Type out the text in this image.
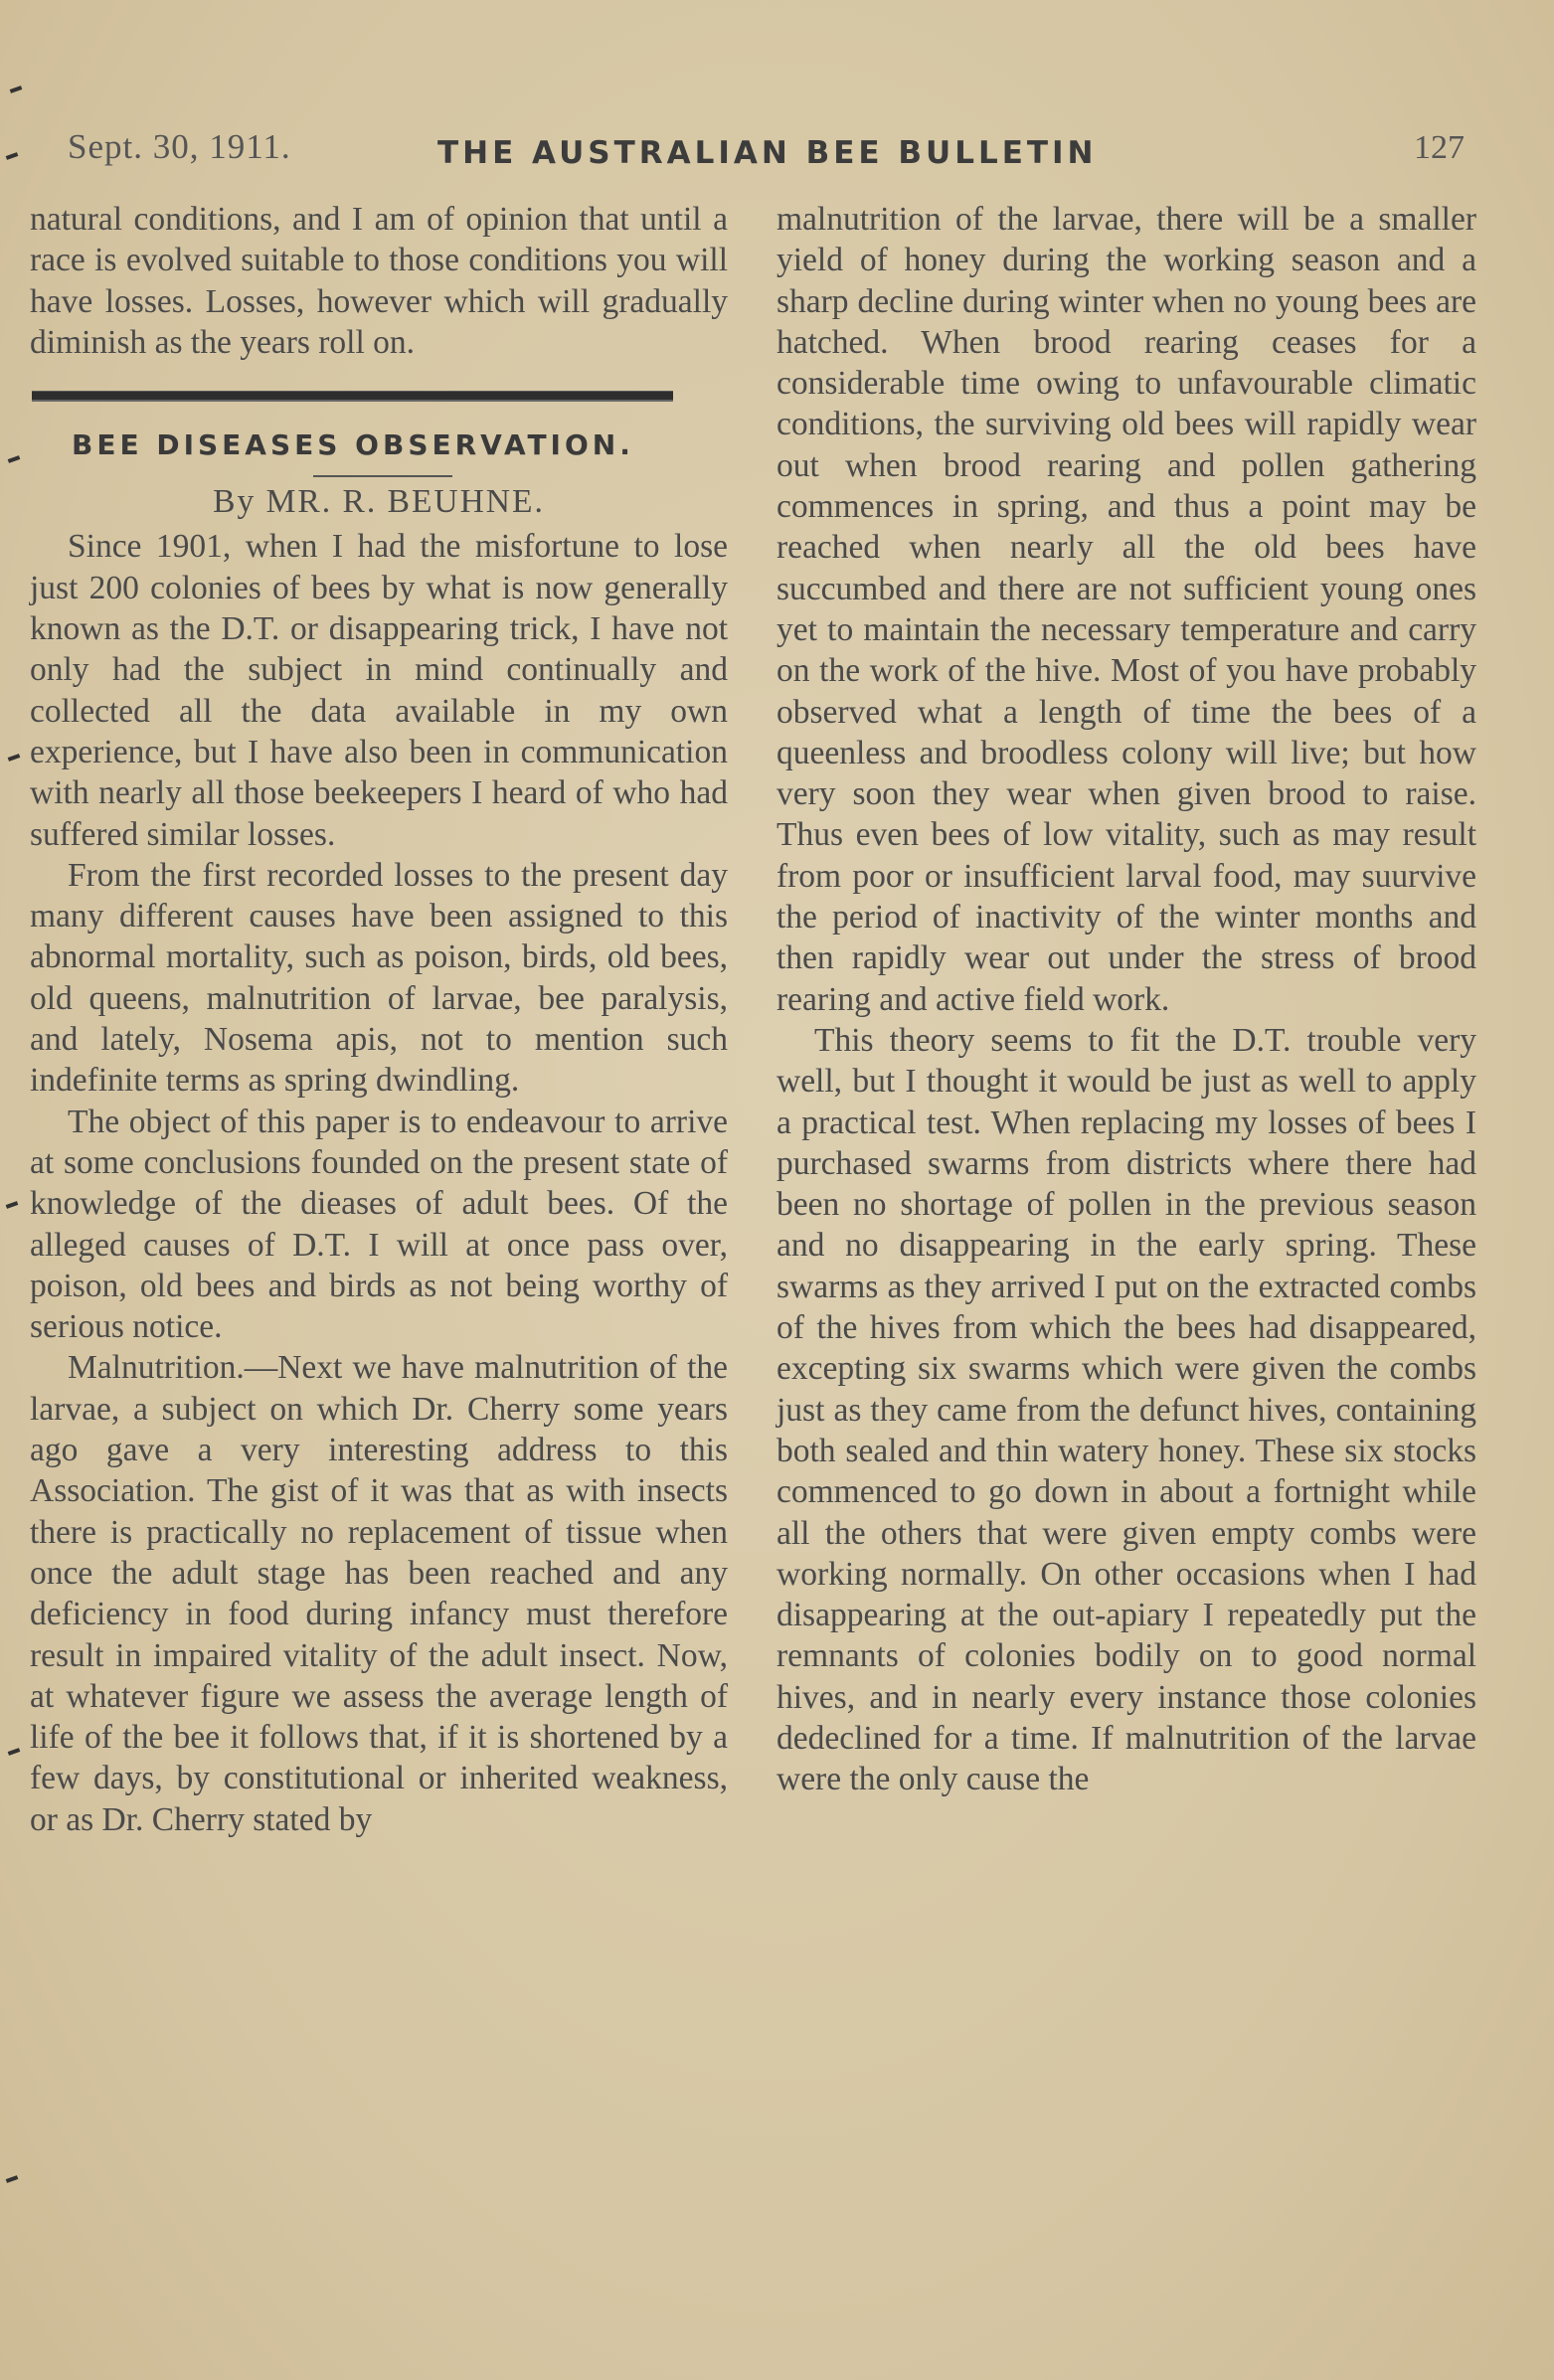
Sept. 30, 1911.	THE AUSTRALIAN BEE BULLETIN	127

natural conditions, and I am of opinion that until a race is evolved suitable to those conditions you will have losses. Losses, however which will gradually diminish as the years roll on.

BEE DISEASES OBSERVATION.
By MR. R. BEUHNE.

Since 1901, when I had the misfortune to lose just 200 colonies of bees by what is now generally known as the D.T. or disappearing trick, I have not only had the subject in mind continually and collected all the data available in my own experience, but I have also been in communication with nearly all those beekeepers I heard of who had suffered similar losses.

From the first recorded losses to the present day many different causes have been assigned to this abnormal mortality, such as poison, birds, old bees, old queens, malnutrition of larvae, bee paralysis, and lately, Nosema apis, not to mention such indefinite terms as spring dwindling.

The object of this paper is to endeavour to arrive at some conclusions founded on the present state of knowledge of the dieases of adult bees. Of the alleged causes of D.T. I will at once pass over, poison, old bees and birds as not being worthy of serious notice.

Malnutrition.—Next we have malnutrition of the larvae, a subject on which Dr. Cherry some years ago gave a very interesting address to this Association. The gist of it was that as with insects there is practically no replacement of tissue when once the adult stage has been reached and any deficiency in food during infancy must therefore result in impaired vitality of the adult insect. Now, at whatever figure we assess the average length of life of the bee it follows that, if it is shortened by a few days, by constitutional or inherited weakness, or as Dr. Cherry stated by

malnutrition of the larvae, there will be a smaller yield of honey during the working season and a sharp decline during winter when no young bees are hatched. When brood rearing ceases for a considerable time owing to unfavourable climatic conditions, the surviving old bees will rapidly wear out when brood rearing and pollen gathering commences in spring, and thus a point may be reached when nearly all the old bees have succumbed and there are not sufficient young ones yet to maintain the necessary temperature and carry on the work of the hive. Most of you have probably observed what a length of time the bees of a queenless and broodless colony will live; but how very soon they wear when given brood to raise. Thus even bees of low vitality, such as may result from poor or insufficient larval food, may suurvive the period of inactivity of the winter months and then rapidly wear out under the stress of brood rearing and active field work.

This theory seems to fit the D.T. trouble very well, but I thought it would be just as well to apply a practical test. When replacing my losses of bees I purchased swarms from districts where there had been no shortage of pollen in the previous season and no disappearing in the early spring. These swarms as they arrived I put on the extracted combs of the hives from which the bees had disappeared, excepting six swarms which were given the combs just as they came from the defunct hives, containing both sealed and thin watery honey. These six stocks commenced to go down in about a fortnight while all the others that were given empty combs were working normally. On other occasions when I had disappearing at the out-apiary I repeatedly put the remnants of colonies bodily on to good normal hives, and in nearly every instance those colonies dedeclined for a time. If malnutrition of the larvae were the only cause the
